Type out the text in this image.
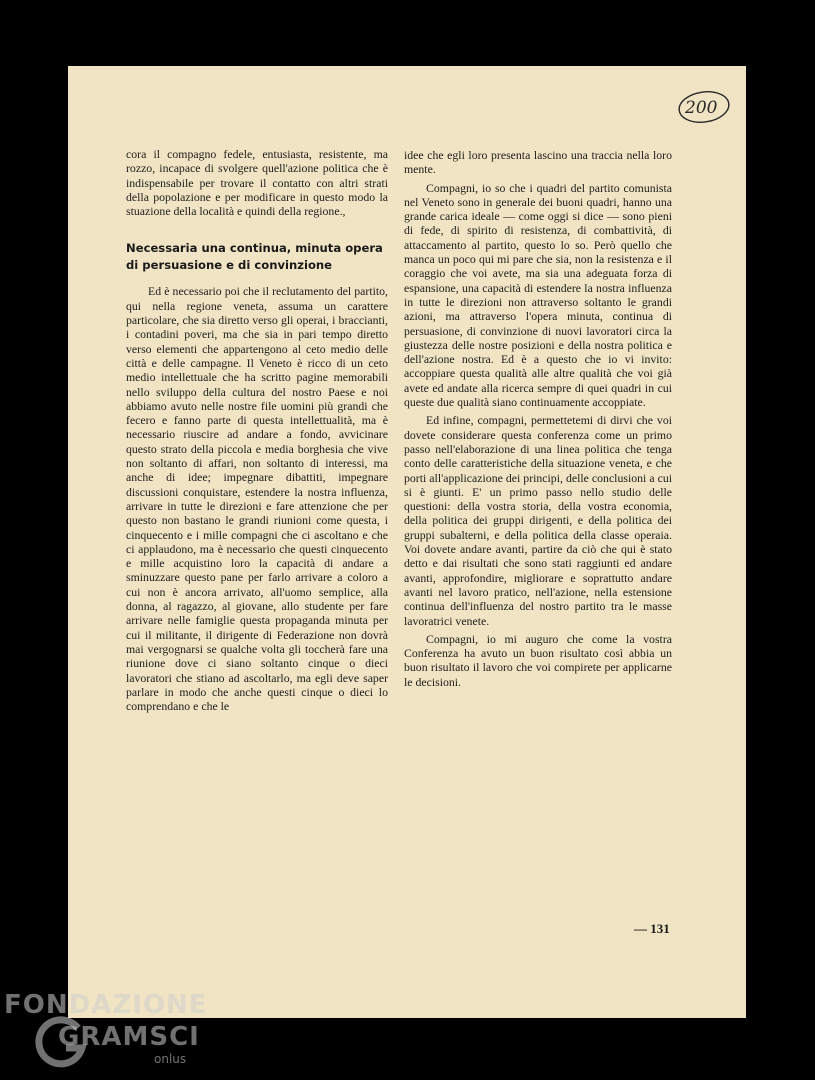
cora il compagno fedele, entusiasta, resistente, ma rozzo, incapace di svolgere quell'azione politica che è indispensabile per trovare il contatto con altri strati della popolazione e per modificare in questo modo la stuazione della località e quindi della regione.,

Necessaria una continua, minuta opera di persuasione e di convinzione

Ed è necessario poi che il reclutamento del partito, qui nella regione veneta, assuma un carattere particolare, che sia diretto verso gli operai, i braccianti, i contadini poveri, ma che sia in pari tempo diretto verso elementi che appartengono al ceto medio delle città e delle campagne. Il Veneto è ricco di un ceto medio intellettuale che ha scritto pagine memorabili nello sviluppo della cultura del nostro Paese e noi abbiamo avuto nelle nostre file uomini più grandi che fecero e fanno parte di questa intellettualità, ma è necessario riuscire ad andare a fondo, avvicinare questo strato della piccola e media borghesia che vive non soltanto di affari, non soltanto di interessi, ma anche di idee; impegnare dibattiti, impegnare discussioni conquistare, estendere la nostra influenza, arrivare in tutte le direzioni e fare attenzione che per questo non bastano le grandi riunioni come questa, i cinquecento e i mille compagni che ci ascoltano e che ci applaudono, ma è necessario che questi cinquecento e mille acquistino loro la capacità di andare a sminuzzare questo pane per farlo arrivare a coloro a cui non è ancora arrivato, all'uomo semplice, alla donna, al ragazzo, al giovane, allo studente per fare arrivare nelle famiglie questa propaganda minuta per cui il militante, il dirigente di Federazione non dovrà mai vergognarsi se qualche volta gli toccherà fare una riunione dove ci siano soltanto cinque o dieci lavoratori che stiano ad ascoltarlo, ma egli deve saper parlare in modo che anche questi cinque o dieci lo comprendano e che le

idee che egli loro presenta lascino una traccia nella loro mente.

Compagni, io so che i quadri del partito comunista nel Veneto sono in generale dei buoni quadri, hanno una grande carica ideale — come oggi si dice — sono pieni di fede, di spirito di resistenza, di combattività, di attaccamento al partito, questo lo so. Però quello che manca un poco qui mi pare che sia, non la resistenza e il coraggio che voi avete, ma sia una adeguata forza di espansione, una capacità di estendere la nostra influenza in tutte le direzioni non attraverso soltanto le grandi azioni, ma attraverso l'opera minuta, continua di persuasione, di convinzione di nuovi lavoratori circa la giustezza delle nostre posizioni e della nostra politica e dell'azione nostra. Ed è a questo che io vi invito: accoppiare questa qualità alle altre qualità che voi già avete ed andate alla ricerca sempre di quei quadri in cui queste due qualità siano continuamente accoppiate.

Ed infine, compagni, permettetemi di dirvi che voi dovete considerare questa conferenza come un primo passo nell'elaborazione di una linea politica che tenga conto delle caratteristiche della situazione veneta, e che porti all'applicazione dei principi, delle conclusioni a cui si è giunti. E' un primo passo nello studio delle questioni: della vostra storia, della vostra economia, della politica dei gruppi dirigenti, e della politica dei gruppi subalterni, e della politica della classe operaia. Voi dovete andare avanti, partire da ciò che qui è stato detto e dai risultati che sono stati raggiunti ed andare avanti, approfondire, migliorare e soprattutto andare avanti nel lavoro pratico, nell'azione, nella estensione continua dell'influenza del nostro partito tra le masse lavoratrici venete.

Compagni, io mi auguro che come la vostra Conferenza ha avuto un buon risultato così abbia un buon risultato il lavoro che voi compirete per applicarne le decisioni.

— 131
200
FONDAZIONE
GRAMSCI
onlus
